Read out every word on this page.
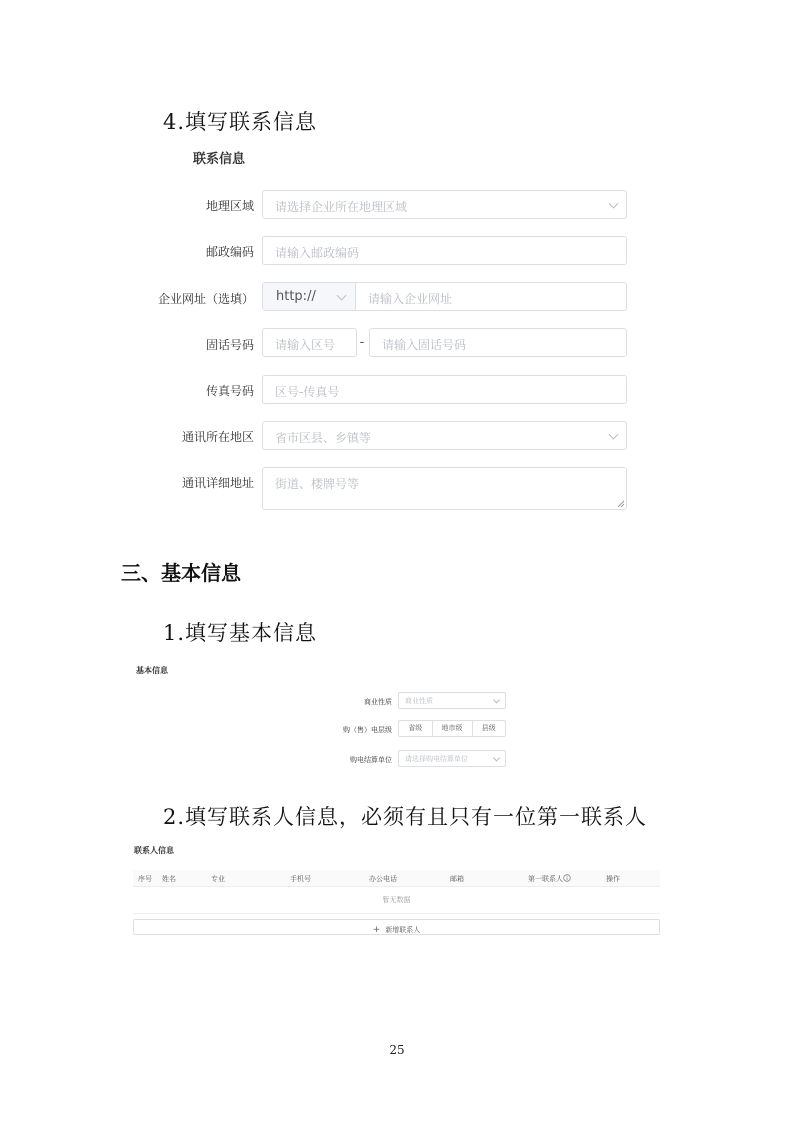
4.填写联系信息
联系信息
地理区域 请选择企业所在地理区域
邮政编码 请输入邮政编码
企业网址（选填） http://	请输入企业网址
固话号码 请输入区号 -	请输入固话号码
传真号码 区号-传真号
通讯所在地区 省市区县、乡镇等
通讯详细地址 街道、楼牌号等
三、基本信息
1.填写基本信息
基本信息
商业性质 商业性质
购（售）电层级	省级	地市级	县级
购电结算单位 请选择购电结算单位
2.填写联系人信息，必须有且只有一位第一联系人
联系人信息
序号 姓名	专业	手机号	办公电话	邮箱	第一联系人	操作
暂无数据
+ 新增联系人
25
